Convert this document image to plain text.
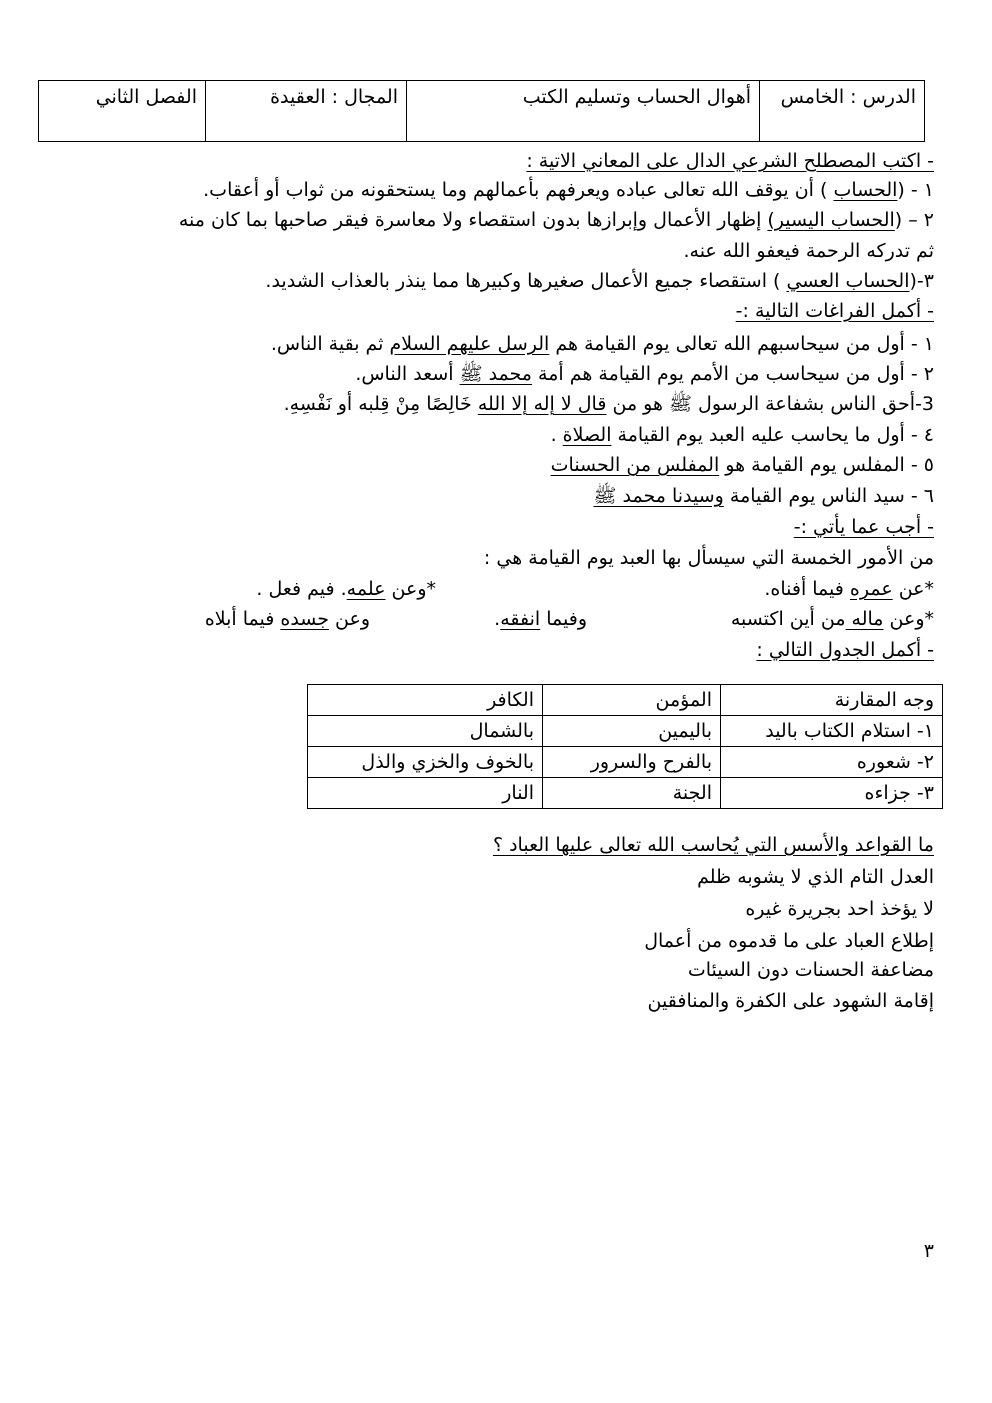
الدرس : الخامس	أهوال الحساب وتسليم الكتب	المجال : العقيدة	الفصل الثاني
- اكتب المصطلح الشرعي الدال على المعاني الاتية :
١ - (الحساب ) أن يوقف الله تعالى عباده ويعرفهم بأعمالهم وما يستحقونه من ثواب أو أعقاب.
٢ – (الحساب اليسير) إظهار الأعمال وإبرازها بدون استقصاء ولا معاسرة فيقر صاحبها بما كان منه
ثم تدركه الرحمة فيعفو الله عنه.
٣-(الحساب العسي ) استقصاء جميع الأعمال صغيرها وكبيرها مما ينذر بالعذاب الشديد.
- أكمل الفراغات التالية :-
١ - أول من سيحاسبهم الله تعالى يوم القيامة هم الرسل عليهم السلام ثم بقية الناس.
٢ - أول من سيحاسب من الأمم يوم القيامة هم أمة محمد ﷺ أسعد الناس.
3-أحق الناس بشفاعة الرسول ﷺ هو من قال لا إله إلا الله خَالِصًا مِنْ قِلبه أو نَفْسِهِ.
٤ - أول ما يحاسب عليه العبد يوم القيامة الصلاة .
٥ - المفلس يوم القيامة هو المفلس من الحسنات
٦ - سيد الناس يوم القيامة وسيدنا محمد ﷺ
- أجب عما يأتي :-
من الأمور الخمسة التي سيسأل بها العبد يوم القيامة هي :
*عن عمره فيما أفناه.
*وعن علمه. فيم فعل .
*وعن ماله من أين اكتسبه
وفيما انفقه.
وعن جسده فيما أبلاه
- أكمل الجدول التالي :
وجه المقارنة	المؤمن	الكافر
١- استلام الكتاب باليد	باليمين	بالشمال
٢- شعوره	بالفرح والسرور	بالخوف والخزي والذل
٣- جزاءه	الجنة	النار
ما القواعد والأسس التي يُحاسب الله تعالى عليها العباد ؟
العدل التام الذي لا يشوبه ظلم
لا يؤخذ احد بجريرة غيره
إطلاع العباد على ما قدموه من أعمال
مضاعفة الحسنات دون السيئات
إقامة الشهود على الكفرة والمنافقين
٣
